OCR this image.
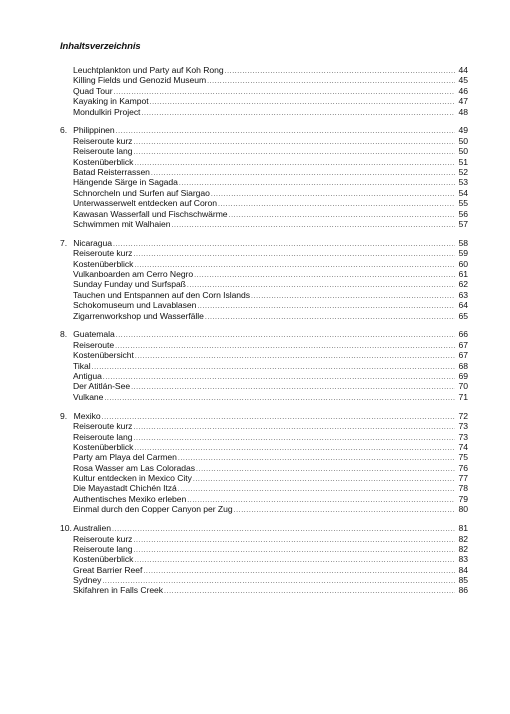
Inhaltsverzeichnis
Leuchtplankton und Party auf Koh Rong .....	44
Killing Fields und Genozid Museum .....	45
Quad Tour .....	46
Kayaking in Kampot .....	47
Mondulkiri Project .....	48
6. Philippinen .....	49
Reiseroute kurz .....	50
Reiseroute lang .....	50
Kostenüberblick .....	51
Batad Reisterrassen .....	52
Hängende Särge in Sagada .....	53
Schnorcheln und Surfen auf Siargao .....	54
Unterwasserwelt entdecken auf Coron .....	55
Kawasan Wasserfall und Fischschwärme .....	56
Schwimmen mit Walhaien .....	57
7. Nicaragua .....	58
Reiseroute kurz .....	59
Kostenüberblick .....	60
Vulkanboarden am Cerro Negro .....	61
Sunday Funday und Surfspaß .....	62
Tauchen und Entspannen auf den Corn Islands .....	63
Schokomuseum und Lavablasen .....	64
Zigarrenworkshop und Wasserfälle .....	65
8. Guatemala .....	66
Reiseroute .....	67
Kostenübersicht .....	67
Tikal .....	68
Antigua .....	69
Der Atitlán-See .....	70
Vulkane .....	71
9. Mexiko .....	72
Reiseroute kurz .....	73
Reiseroute lang .....	73
Kostenüberblick .....	74
Party am Playa del Carmen .....	75
Rosa Wasser am Las Coloradas .....	76
Kultur entdecken in Mexico City .....	77
Die Mayastadt Chichén Itzá .....	78
Authentisches Mexiko erleben .....	79
Einmal durch den Copper Canyon per Zug .....	80
10. Australien .....	81
Reiseroute kurz .....	82
Reiseroute lang .....	82
Kostenüberblick .....	83
Great Barrier Reef .....	84
Sydney .....	85
Skifahren in Falls Creek .....	86
